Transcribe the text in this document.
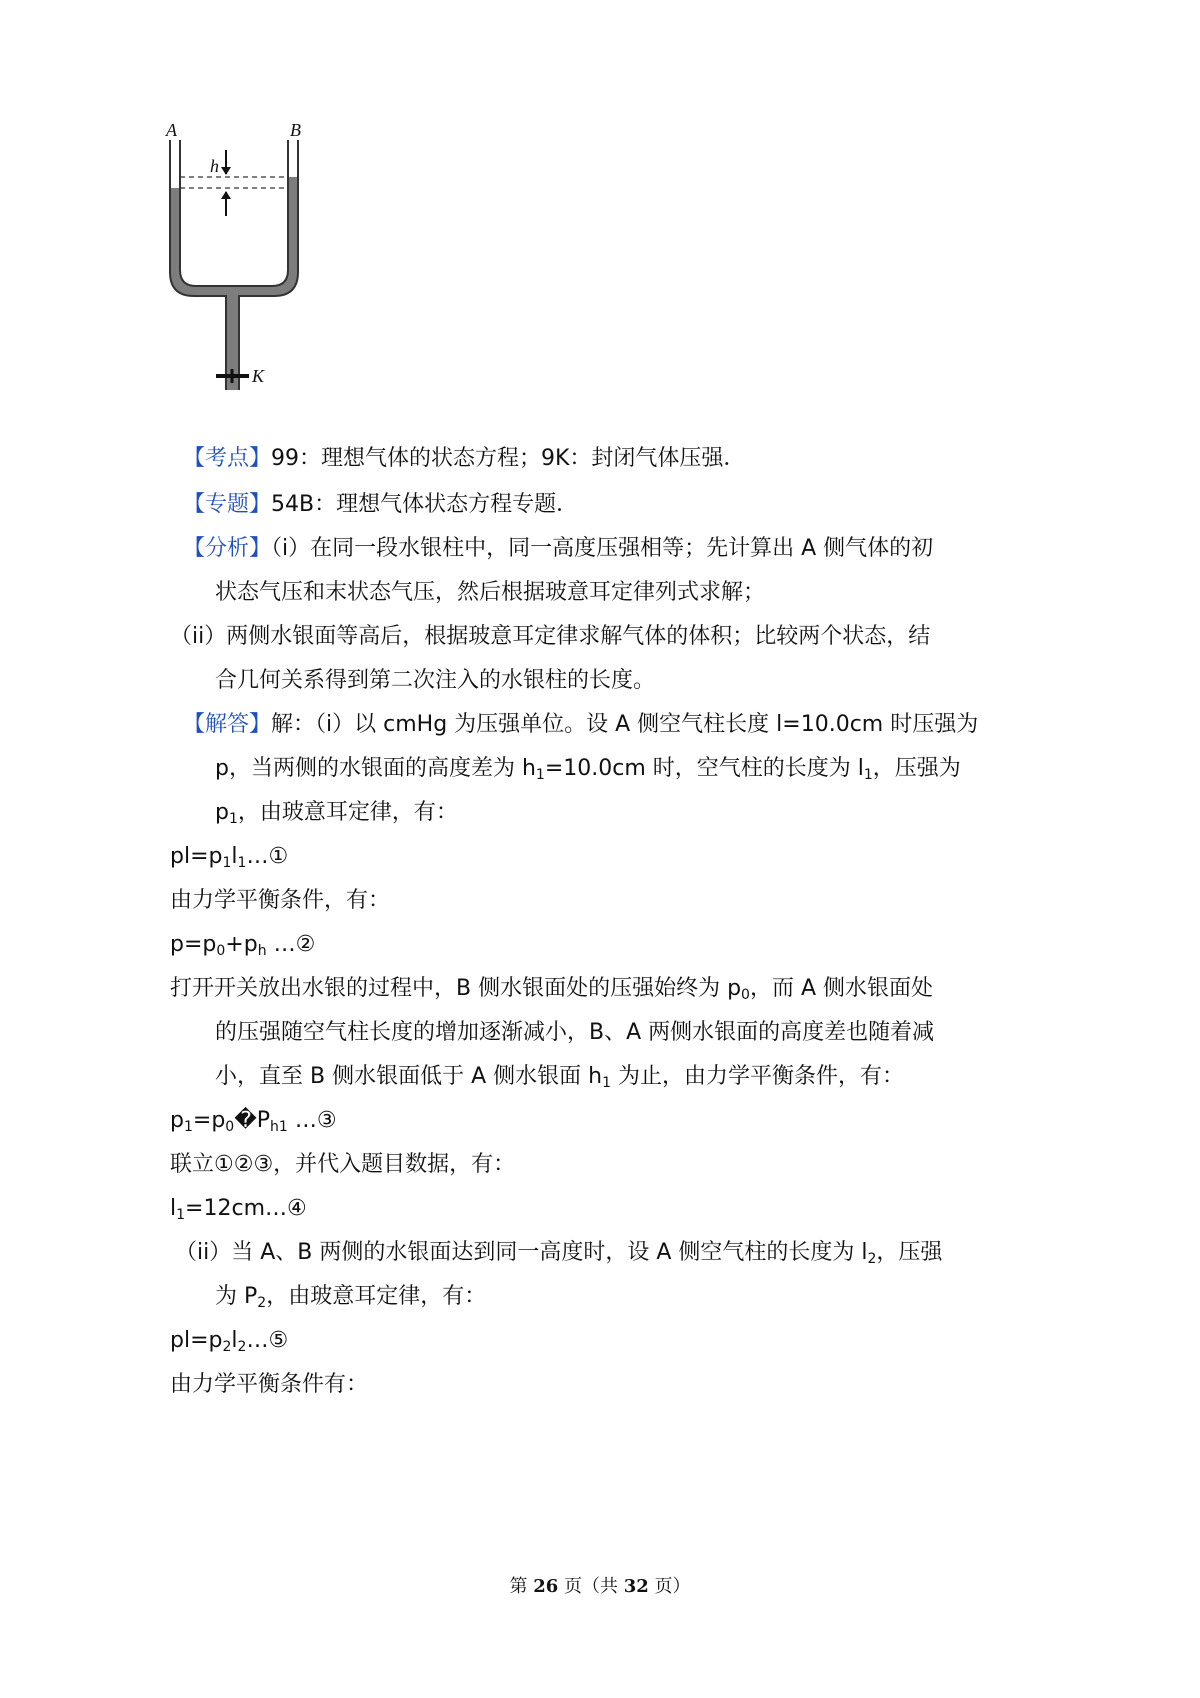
A	B
h
K
【考点】99：理想气体的状态方程；9K：封闭气体压强．
【专题】54B：理想气体状态方程专题．
【分析】（i）在同一段水银柱中，同一高度压强相等；先计算出 A 侧气体的初
状态气压和末状态气压，然后根据玻意耳定律列式求解；
（ii）两侧水银面等高后，根据玻意耳定律求解气体的体积；比较两个状态，结
合几何关系得到第二次注入的水银柱的长度。
【解答】解：（i）以 cmHg 为压强单位。设 A 侧空气柱长度 l=10.0cm 时压强为
p，当两侧的水银面的高度差为 $h_1=10.0cm$ 时，空气柱的长度为 $l_1$，压强为
$p_1$，由玻意耳定律，有：
$pl=p_1l_1\dots ①$
由力学平衡条件，有：
$p=p_0+p_h$ …②
打开开关放出水银的过程中，B 侧水银面处的压强始终为 $p_0$，而 A 侧水银面处
的压强随空气柱长度的增加逐渐减小，B、A 两侧水银面的高度差也随着减
小，直至 B 侧水银面低于 A 侧水银面 $h_1$ 为止，由力学平衡条件，有：
$p_1=p_0�P_{h1}$ …③
联立①②③，并代入题目数据，有：
$l_1=12cm\dots ④$
（ii）当 A、B 两侧的水银面达到同一高度时，设 A 侧空气柱的长度为 $l_2$，压强
为 $P_2$，由玻意耳定律，有：
$pl=p_2l_2\dots ⑤$
由力学平衡条件有：
第 26 页（共 32 页）
